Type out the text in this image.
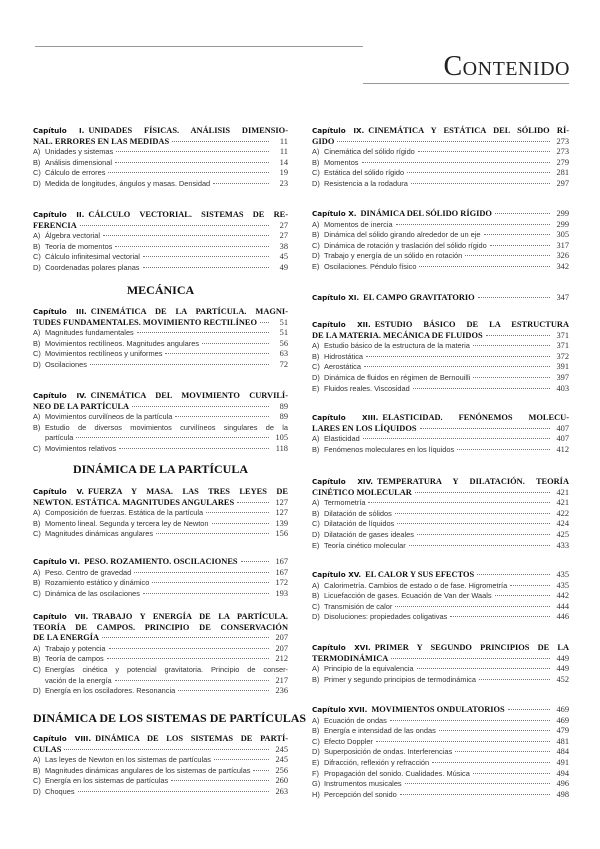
Contenido
Capítulo I. UNIDADES FÍSICAS. ANÁLISIS DIMENSIO-
NAL. ERRORES EN LAS MEDIDAS	11
A) Unidades y sistemas	11
B) Análisis dimensional	14
C) Cálculo de errores	19
D) Medida de longitudes, ángulos y masas. Densidad	23
Capítulo II. CÁLCULO VECTORIAL. SISTEMAS DE RE-
FERENCIA	27
A) Álgebra vectorial	27
B) Teoría de momentos	38
C) Cálculo infinitesimal vectorial	45
D) Coordenadas polares planas	49
MECÁNICA
Capítulo III. CINEMÁTICA DE LA PARTÍCULA. MAGNI-
TUDES FUNDAMENTALES. MOVIMIENTO RECTILÍNEO	51
A) Magnitudes fundamentales	51
B) Movimientos rectilíneos. Magnitudes angulares	56
C) Movimientos rectilíneos y uniformes	63
D) Oscilaciones	72
Capítulo IV. CINEMÁTICA DEL MOVIMIENTO CURVILÍ-
NEO DE LA PARTÍCULA	89
A) Movimientos curvilíneos de la partícula	89
B) Estudio de diversos movimientos curvilíneos singulares de la
partícula	105
C) Movimientos relativos	118
DINÁMICA DE LA PARTÍCULA
Capítulo V. FUERZA Y MASA. LAS TRES LEYES DE
NEWTON. ESTÁTICA. MAGNITUDES ANGULARES	127
A) Composición de fuerzas. Estática de la partícula	127
B) Momento lineal. Segunda y tercera ley de Newton	139
C) Magnitudes dinámicas angulares	156
Capítulo VI. PESO. ROZAMIENTO. OSCILACIONES	167
A) Peso. Centro de gravedad	167
B) Rozamiento estático y dinámico	172
C) Dinámica de las oscilaciones	193
Capítulo VII. TRABAJO Y ENERGÍA DE LA PARTÍCULA.
TEORÍA DE CAMPOS. PRINCIPIO DE CONSERVACIÓN
DE LA ENERGÍA	207
A) Trabajo y potencia	207
B) Teoría de campos	212
C) Energías cinética y potencial gravitatoria. Principio de conser-
vación de la energía	217
D) Energía en los osciladores. Resonancia	236
DINÁMICA DE LOS SISTEMAS DE PARTÍCULAS
Capítulo VIII. DINÁMICA DE LOS SISTEMAS DE PARTÍ-
CULAS	245
A) Las leyes de Newton en los sistemas de partículas	245
B) Magnitudes dinámicas angulares de los sistemas de partículas	256
C) Energía en los sistemas de partículas	260
D) Choques	263
Capítulo IX. CINEMÁTICA Y ESTÁTICA DEL SÓLIDO RÍ-
GIDO	273
A) Cinemática del sólido rígido	273
B) Momentos	279
C) Estática del sólido rígido	281
D) Resistencia a la rodadura	297
Capítulo X. DINÁMICA DEL SÓLIDO RÍGIDO	299
A) Momentos de inercia	299
B) Dinámica del sólido girando alrededor de un eje	305
C) Dinámica de rotación y traslación del sólido rígido	317
D) Trabajo y energía de un sólido en rotación	326
E) Oscilaciones. Péndulo físico	342
Capítulo XI. EL CAMPO GRAVITATORIO	347
Capítulo XII. ESTUDIO BÁSICO DE LA ESTRUCTURA
DE LA MATERIA. MECÁNICA DE FLUIDOS	371
A) Estudio básico de la estructura de la materia	371
B) Hidrostática	372
C) Aerostática	391
D) Dinámica de fluidos en régimen de Bernouilli	397
E) Fluidos reales. Viscosidad	403
Capítulo XIII. ELASTICIDAD. FENÓNEMOS MOLECU-
LARES EN LOS LÍQUIDOS	407
A) Elasticidad	407
B) Fenómenos moleculares en los líquidos	412
Capítulo XIV. TEMPERATURA Y DILATACIÓN. TEORÍA
CINÉTICO MOLECULAR	421
A) Termometría	421
B) Dilatación de sólidos	422
C) Dilatación de líquidos	424
D) Dilatación de gases ideales	425
E) Teoría cinético molecular	433
Capítulo XV. EL CALOR Y SUS EFECTOS	435
A) Calorimetría. Cambios de estado o de fase. Higrometría	435
B) Licuefacción de gases. Ecuación de Van der Waals	442
C) Transmisión de calor	444
D) Disoluciones: propiedades coligativas	446
Capítulo XVI. PRIMER Y SEGUNDO PRINCIPIOS DE LA
TERMODINÁMICA	449
A) Principio de la equivalencia	449
B) Primer y segundo principios de termodinámica	452
Capítulo XVII. MOVIMIENTOS ONDULATORIOS	469
A) Ecuación de ondas	469
B) Energía e intensidad de las ondas	479
C) Efecto Doppler	481
D) Superposición de ondas. Interferencias	484
E) Difracción, reflexión y refracción	491
F) Propagación del sonido. Cualidades. Música	494
G) Instrumentos musicales	496
H) Percepción del sonido	498
